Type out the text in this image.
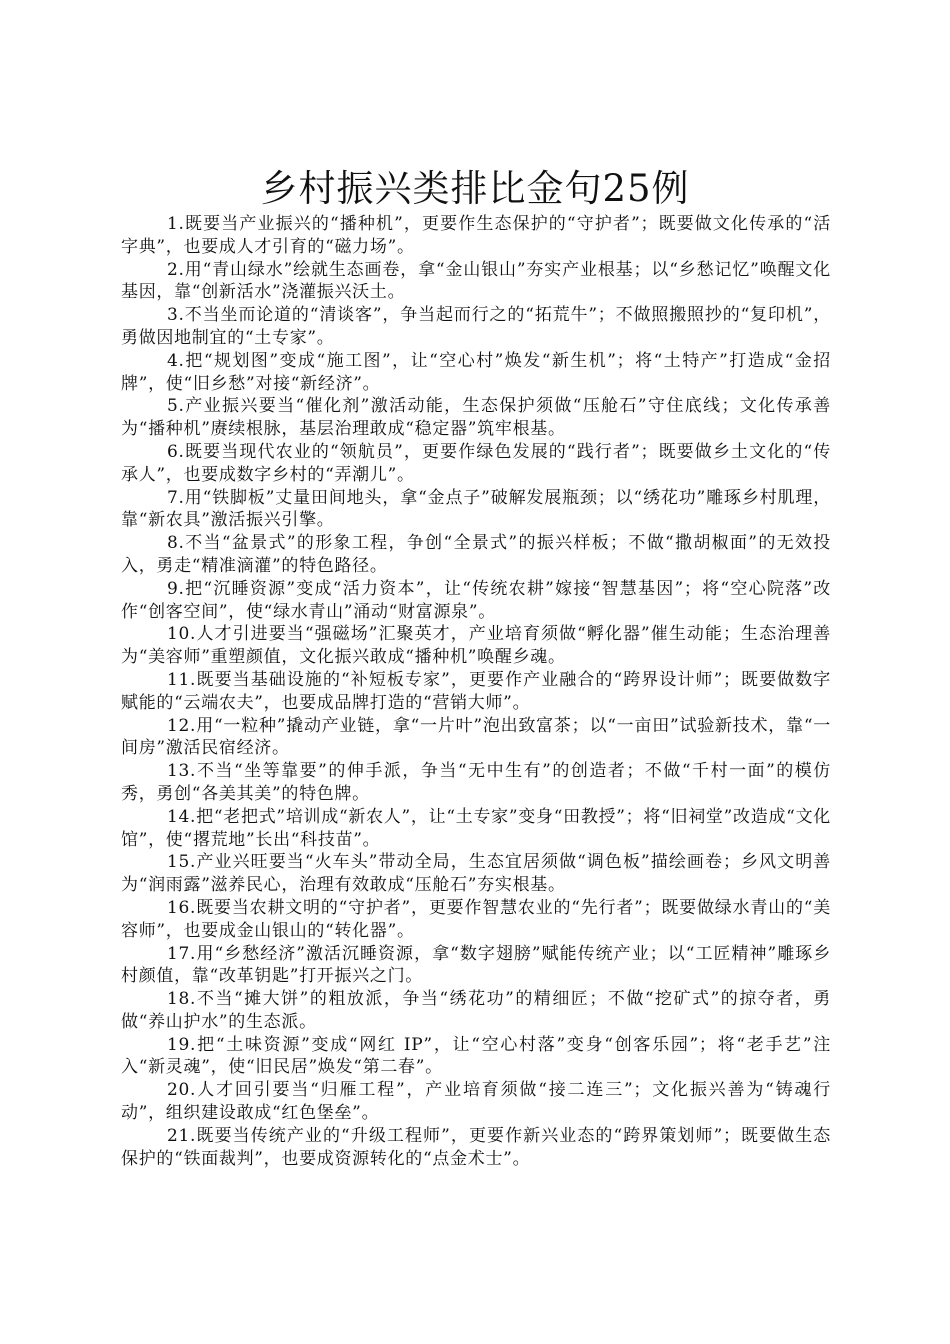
乡村振兴类排比金句25例

1.既要当产业振兴的“播种机”，更要作生态保护的“守护者”；既要做文化传承的“活字典”，也要成人才引育的“磁力场”。

2.用“青山绿水”绘就生态画卷，拿“金山银山”夯实产业根基；以“乡愁记忆”唤醒文化基因，靠“创新活水”浇灌振兴沃土。

3.不当坐而论道的“清谈客”，争当起而行之的“拓荒牛”；不做照搬照抄的“复印机”，勇做因地制宜的“土专家”。

4.把“规划图”变成“施工图”，让“空心村”焕发“新生机”；将“土特产”打造成“金招牌”，使“旧乡愁”对接“新经济”。

5.产业振兴要当“催化剂”激活动能，生态保护须做“压舱石”守住底线；文化传承善为“播种机”赓续根脉，基层治理敢成“稳定器”筑牢根基。

6.既要当现代农业的“领航员”，更要作绿色发展的“践行者”；既要做乡土文化的“传承人”，也要成数字乡村的“弄潮儿”。

7.用“铁脚板”丈量田间地头，拿“金点子”破解发展瓶颈；以“绣花功”雕琢乡村肌理，靠“新农具”激活振兴引擎。

8.不当“盆景式”的形象工程，争创“全景式”的振兴样板；不做“撒胡椒面”的无效投入，勇走“精准滴灌”的特色路径。

9.把“沉睡资源”变成“活力资本”，让“传统农耕”嫁接“智慧基因”；将“空心院落”改作“创客空间”，使“绿水青山”涌动“财富源泉”。

10.人才引进要当“强磁场”汇聚英才，产业培育须做“孵化器”催生动能；生态治理善为“美容师”重塑颜值，文化振兴敢成“播种机”唤醒乡魂。

11.既要当基础设施的“补短板专家”，更要作产业融合的“跨界设计师”；既要做数字赋能的“云端农夫”，也要成品牌打造的“营销大师”。

12.用“一粒种”撬动产业链，拿“一片叶”泡出致富茶；以“一亩田”试验新技术，靠“一间房”激活民宿经济。

13.不当“坐等靠要”的伸手派，争当“无中生有”的创造者；不做“千村一面”的模仿秀，勇创“各美其美”的特色牌。

14.把“老把式”培训成“新农人”，让“土专家”变身“田教授”；将“旧祠堂”改造成“文化馆”，使“撂荒地”长出“科技苗”。

15.产业兴旺要当“火车头”带动全局，生态宜居须做“调色板”描绘画卷；乡风文明善为“润雨露”滋养民心，治理有效敢成“压舱石”夯实根基。

16.既要当农耕文明的“守护者”，更要作智慧农业的“先行者”；既要做绿水青山的“美容师”，也要成金山银山的“转化器”。

17.用“乡愁经济”激活沉睡资源，拿“数字翅膀”赋能传统产业；以“工匠精神”雕琢乡村颜值，靠“改革钥匙”打开振兴之门。

18.不当“摊大饼”的粗放派，争当“绣花功”的精细匠；不做“挖矿式”的掠夺者，勇做“养山护水”的生态派。

19.把“土味资源”变成“网红 IP”，让“空心村落”变身“创客乐园”；将“老手艺”注入“新灵魂”，使“旧民居”焕发“第二春”。

20.人才回引要当“归雁工程”，产业培育须做“接二连三”；文化振兴善为“铸魂行动”，组织建设敢成“红色堡垒”。

21.既要当传统产业的“升级工程师”，更要作新兴业态的“跨界策划师”；既要做生态保护的“铁面裁判”，也要成资源转化的“点金术士”。
